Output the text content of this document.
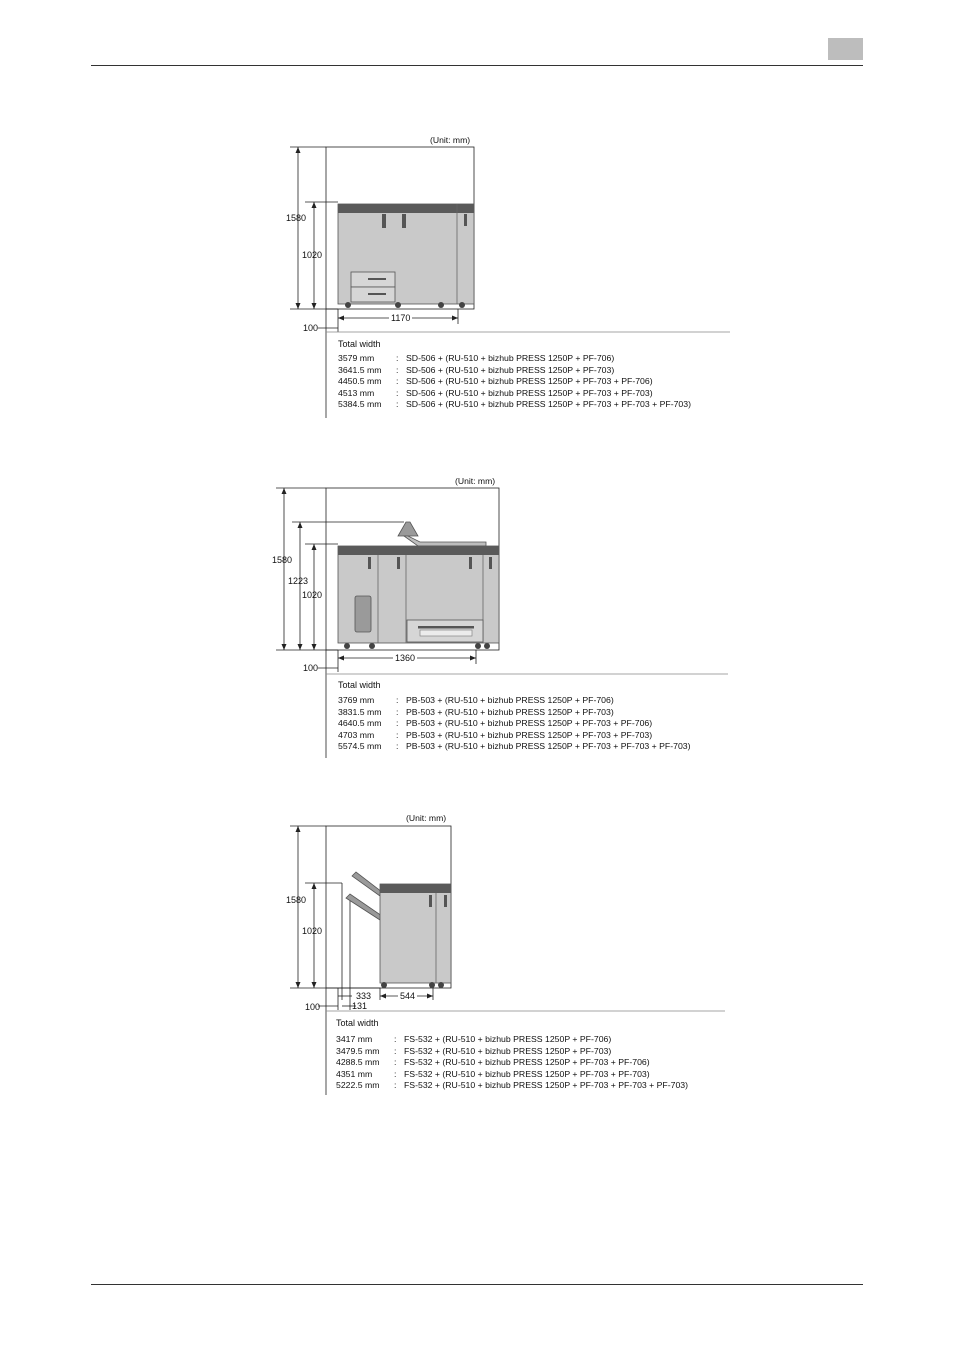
(Unit: mm)
1580
1020
100
1170
Total width
3579 mm	: SD-506 + (RU-510 + bizhub PRESS 1250P + PF-706)
3641.5 mm : SD-506 + (RU-510 + bizhub PRESS 1250P + PF-703)
4450.5 mm : SD-506 + (RU-510 + bizhub PRESS 1250P + PF-703 + PF-706)
4513 mm	: SD-506 + (RU-510 + bizhub PRESS 1250P + PF-703 + PF-703)
5384.5 mm : SD-506 + (RU-510 + bizhub PRESS 1250P + PF-703 + PF-703 + PF-703)
(Unit: mm)
1580
1223
1020
100
1360
Total width
3769 mm	: PB-503 + (RU-510 + bizhub PRESS 1250P + PF-706)
3831.5 mm : PB-503 + (RU-510 + bizhub PRESS 1250P + PF-703)
4640.5 mm : PB-503 + (RU-510 + bizhub PRESS 1250P + PF-703 + PF-706)
4703 mm	: PB-503 + (RU-510 + bizhub PRESS 1250P + PF-703 + PF-703)
5574.5 mm : PB-503 + (RU-510 + bizhub PRESS 1250P + PF-703 + PF-703 + PF-703)
(Unit: mm)
1580
1020
100
333
131
544
Total width
3417 mm	: FS-532 + (RU-510 + bizhub PRESS 1250P + PF-706)
3479.5 mm : FS-532 + (RU-510 + bizhub PRESS 1250P + PF-703)
4288.5 mm : FS-532 + (RU-510 + bizhub PRESS 1250P + PF-703 + PF-706)
4351 mm	: FS-532 + (RU-510 + bizhub PRESS 1250P + PF-703 + PF-703)
5222.5 mm : FS-532 + (RU-510 + bizhub PRESS 1250P + PF-703 + PF-703 + PF-703)
